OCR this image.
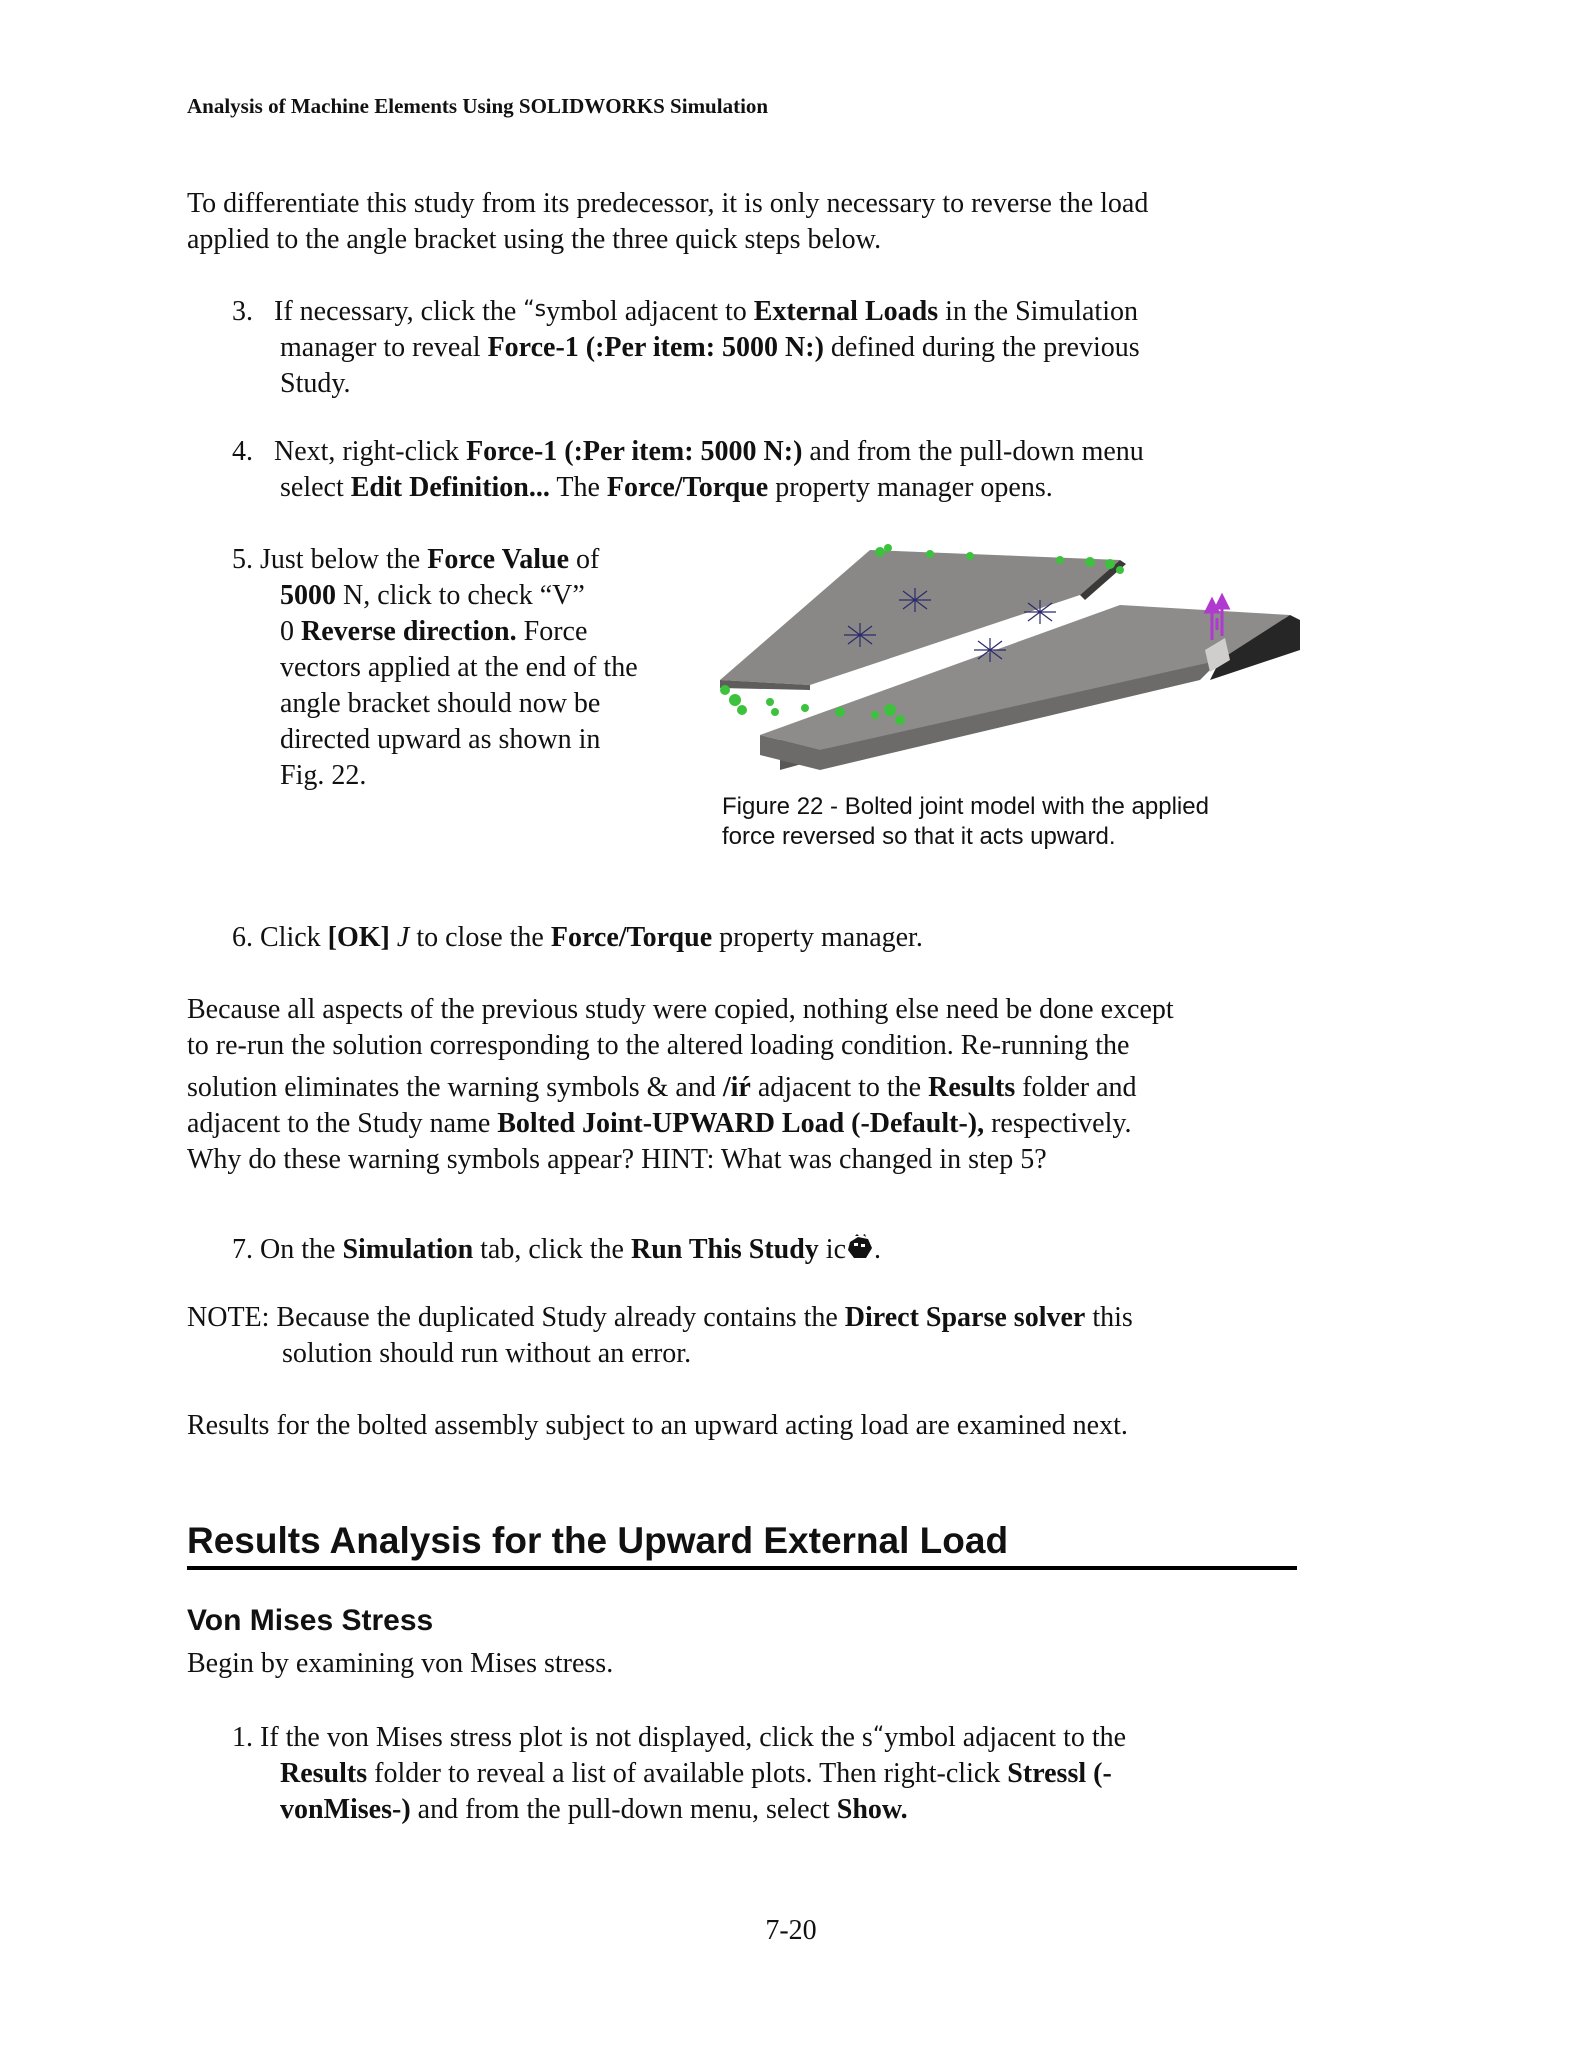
Analysis of Machine Elements Using SOLIDWORKS Simulation
To differentiate this study from its predecessor, it is only necessary to reverse the load
applied to the angle bracket using the three quick steps below.
3. If necessary, click the “symbol adjacent to External Loads in the Simulation
manager to reveal Force-1 (:Per item: 5000 N:) defined during the previous
Study.
4. Next, right-click Force-1 (:Per item: 5000 N:) and from the pull-down menu
select Edit Definition... The Force/Torque property manager opens.
5. Just below the Force Value of
5000 N, click to check “V”
0 Reverse direction. Force
vectors applied at the end of the
angle bracket should now be
directed upward as shown in
Fig. 22.
Figure 22 - Bolted joint model with the applied
force reversed so that it acts upward.
6. Click [OK] J to close the Force/Torque property manager.
Because all aspects of the previous study were copied, nothing else need be done except
to re-run the solution corresponding to the altered loading condition. Re-running the
solution eliminates the warning symbols & and /iŕ adjacent to the Results folder and
adjacent to the Study name Bolted Joint-UPWARD Load (-Default-), respectively.
Why do these warning symbols appear? HINT: What was changed in step 5?
7. On the Simulation tab, click the Run This Study ic .
NOTE: Because the duplicated Study already contains the Direct Sparse solver this
solution should run without an error.
Results for the bolted assembly subject to an upward acting load are examined next.
Results Analysis for the Upward External Load
Von Mises Stress
Begin by examining von Mises stress.
1. If the von Mises stress plot is not displayed, click the s“ymbol adjacent to the
Results folder to reveal a list of available plots. Then right-click Stressl (-
vonMises-) and from the pull-down menu, select Show.
7-20
